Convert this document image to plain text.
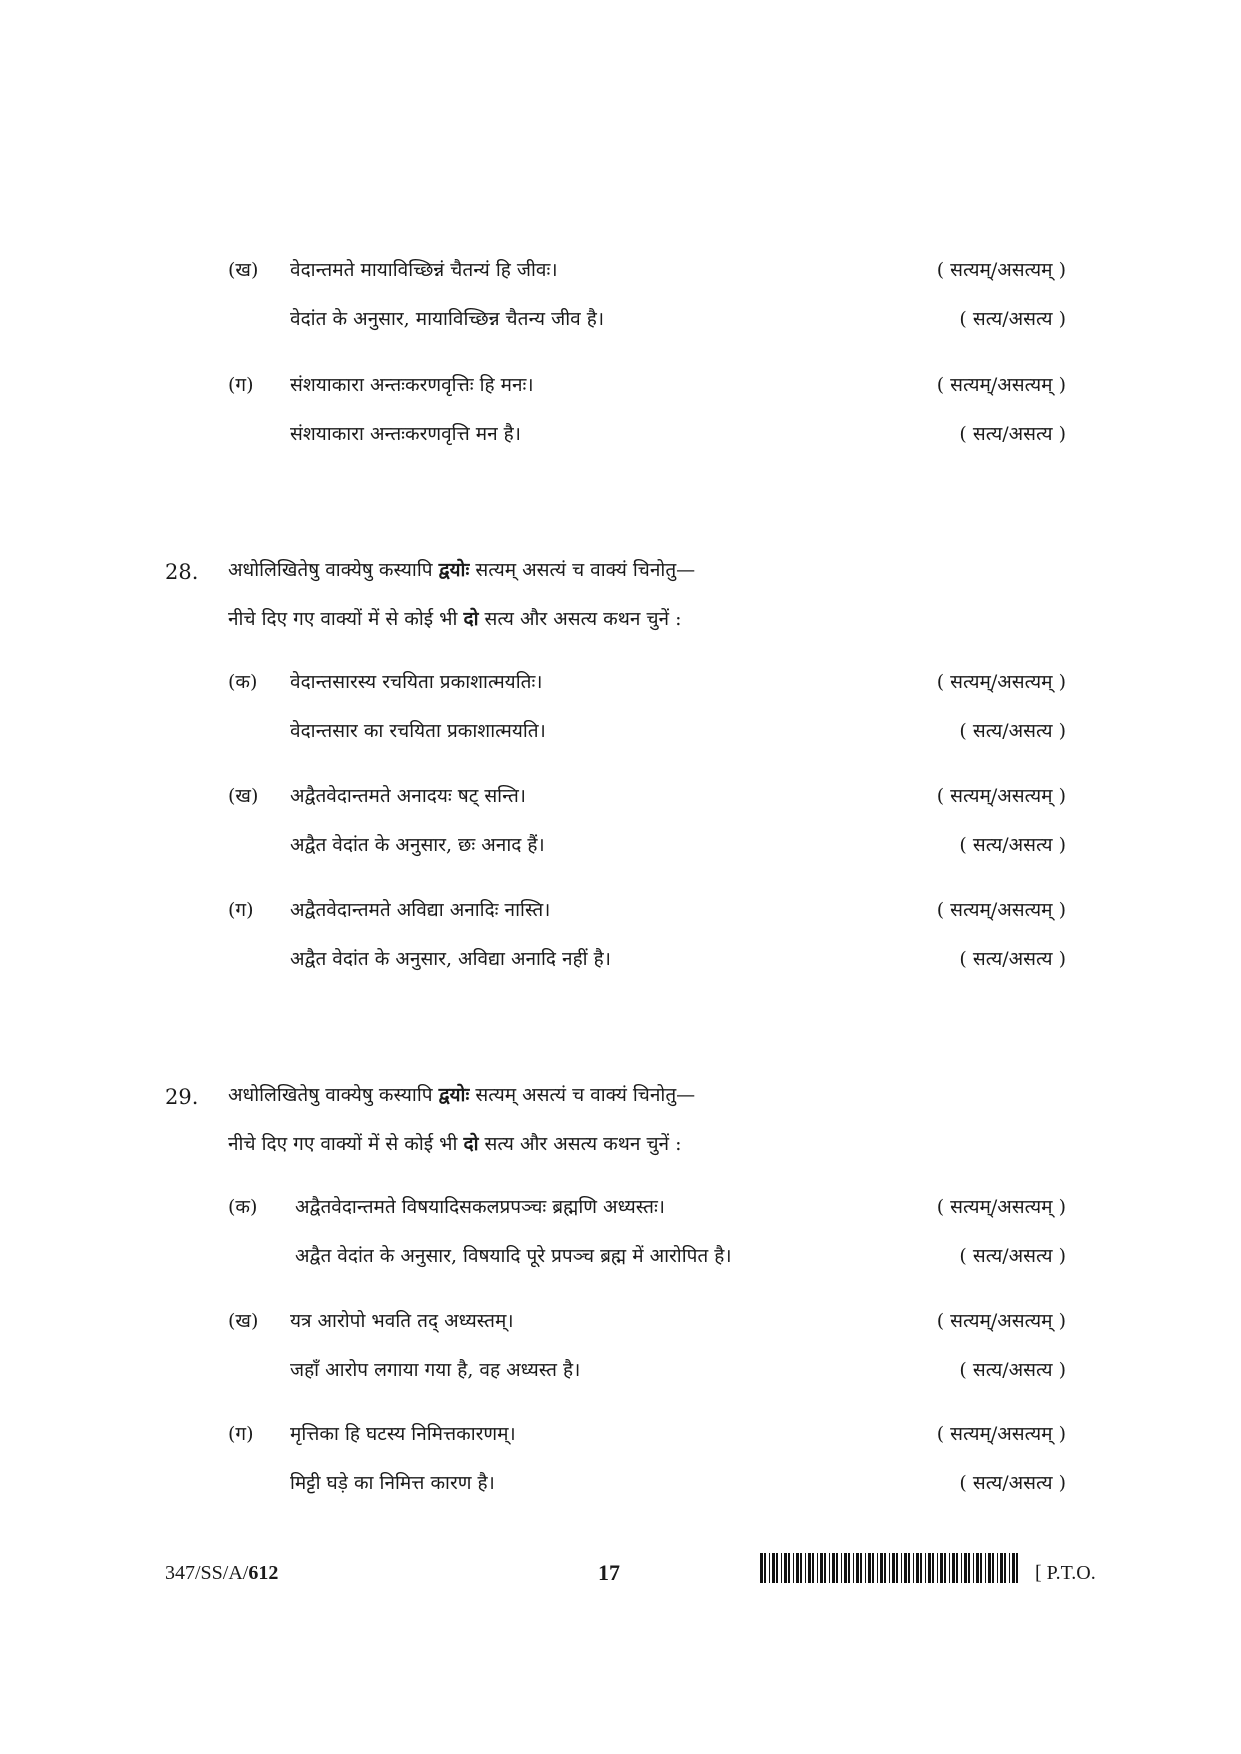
(ख) वेदान्तमते मायाविच्छिन्नं चैतन्यं हि जीवः।	( सत्यम्/असत्यम् )
वेदांत के अनुसार, मायाविच्छिन्न चैतन्य जीव है।	( सत्य/असत्य )
(ग) संशयाकारा अन्तःकरणवृत्तिः हि मनः।	( सत्यम्/असत्यम् )
संशयाकारा अन्तःकरणवृत्ति मन है।	( सत्य/असत्य )
28. अधोलिखितेषु वाक्येषु कस्यापि द्वयोः सत्यम् असत्यं च वाक्यं चिनोतु—
नीचे दिए गए वाक्यों में से कोई भी दो सत्य और असत्य कथन चुनें :
(क) वेदान्तसारस्य रचयिता प्रकाशात्मयतिः।	( सत्यम्/असत्यम् )
वेदान्तसार का रचयिता प्रकाशात्मयति।	( सत्य/असत्य )
(ख) अद्वैतवेदान्तमते अनादयः षट् सन्ति।	( सत्यम्/असत्यम् )
अद्वैत वेदांत के अनुसार, छः अनाद हैं।	( सत्य/असत्य )
(ग) अद्वैतवेदान्तमते अविद्या अनादिः नास्ति।	( सत्यम्/असत्यम् )
अद्वैत वेदांत के अनुसार, अविद्या अनादि नहीं है।	( सत्य/असत्य )
29. अधोलिखितेषु वाक्येषु कस्यापि द्वयोः सत्यम् असत्यं च वाक्यं चिनोतु—
नीचे दिए गए वाक्यों में से कोई भी दो सत्य और असत्य कथन चुनें :
(क) अद्वैतवेदान्तमते विषयादिसकलप्रपञ्चः ब्रह्मणि अध्यस्तः।	( सत्यम्/असत्यम् )
अद्वैत वेदांत के अनुसार, विषयादि पूरे प्रपञ्च ब्रह्म में आरोपित है।	( सत्य/असत्य )
(ख) यत्र आरोपो भवति तद् अध्यस्तम्।	( सत्यम्/असत्यम् )
जहाँ आरोप लगाया गया है, वह अध्यस्त है।	( सत्य/असत्य )
(ग) मृत्तिका हि घटस्य निमित्तकारणम्।	( सत्यम्/असत्यम् )
मिट्टी घड़े का निमित्त कारण है।	( सत्य/असत्य )
347/SS/A/612	17	[ P.T.O.
